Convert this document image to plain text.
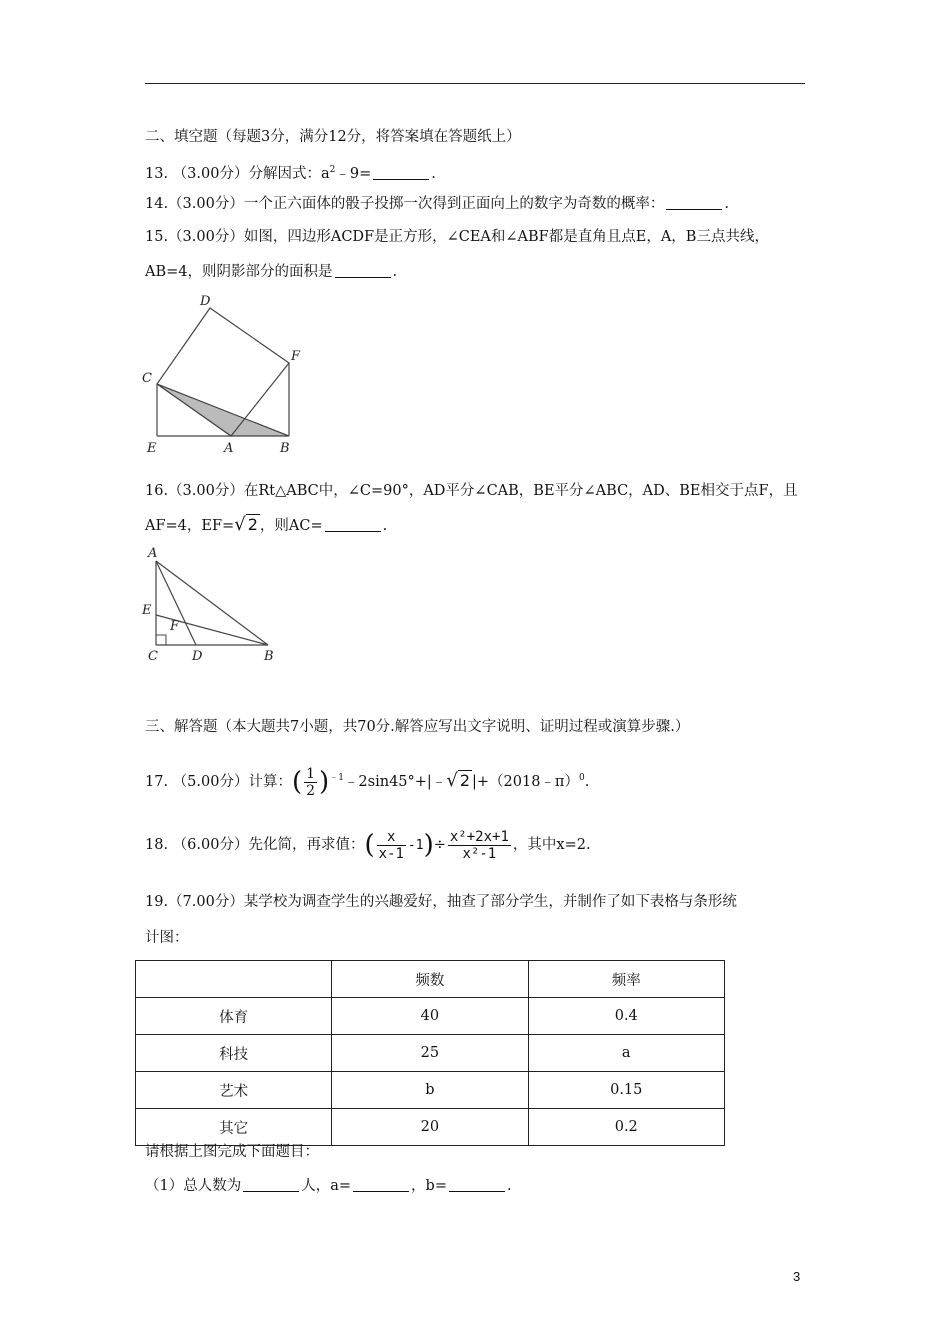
二、填空题（每题3分，满分12分，将答案填在答题纸上）
13. （3.00分）分解因式：$a^2﹣9=$	.
14.（3.00分）一个正六面体的骰子投掷一次得到正面向上的数字为奇数的概率：	.
15.（3.00分）如图，四边形ACDF是正方形，∠CEA和∠ABF都是直角且点E，A，B三点共线，
AB=4，则阴影部分的面积是	.
D
F
C
E	A	B
16.（3.00分）在Rt△ABC中，∠C=90°，AD平分∠CAB，BE平分∠ABC，AD、BE相交于点F，且
AF=4，EF=√ 2 ，则AC=	.
A
E
F
C	D	B
三、解答题（本大题共7小题，共70分.解答应写出文字说明、证明过程或演算步骤.）
17. （5.00分）计算：( $\frac{1}{2}$ )$^{﹣1}$﹣2sin45°+|﹣√ 2 |+（2018﹣π）$^0$.
18. （6.00分）先化简，再求值：( $\frac{x}{x-1} -1)\div \frac{\text{x²+2x+1}}{\text{x²-1}}$ ，其中x=2.
19.（7.00分）某学校为调查学生的兴趣爱好，抽查了部分学生，并制作了如下表格与条形统
计图：
	频数	频率
体育	40	0.4
科技	25	a
艺术	b	0.15
其它	20	0.2
请根据上图完成下面题目：
（1）总人数为	人，a=	，b=	.
3
